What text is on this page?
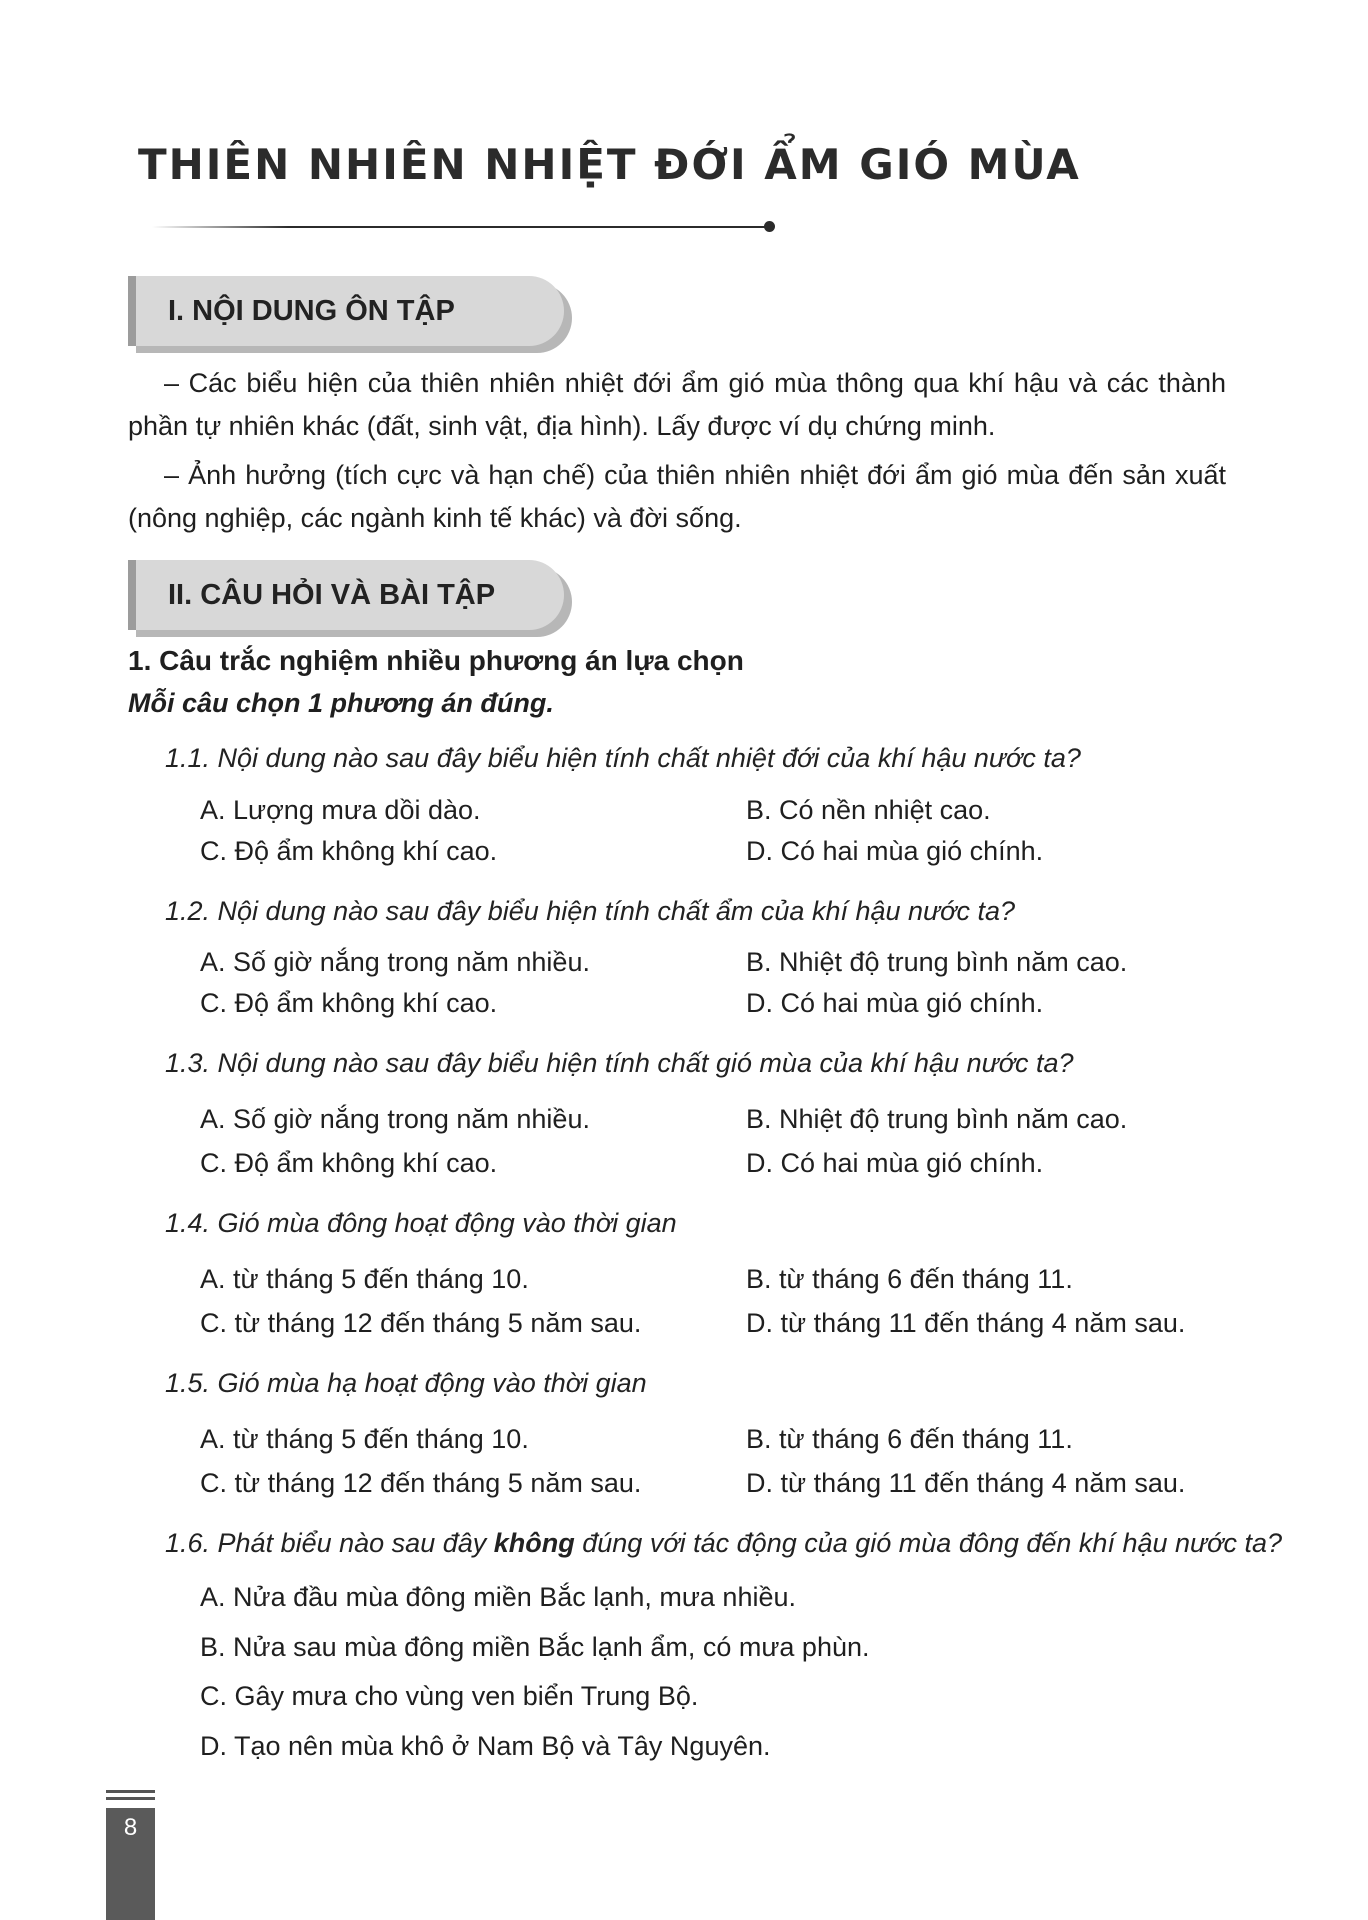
THIÊN NHIÊN NHIỆT ĐỚI ẨM GIÓ MÙA
I. NỘI DUNG ÔN TẬP

– Các biểu hiện của thiên nhiên nhiệt đới ẩm gió mùa thông qua khí hậu và các thành phần tự nhiên khác (đất, sinh vật, địa hình). Lấy được ví dụ chứng minh.

– Ảnh hưởng (tích cực và hạn chế) của thiên nhiên nhiệt đới ẩm gió mùa đến sản xuất (nông nghiệp, các ngành kinh tế khác) và đời sống.

II. CÂU HỎI VÀ BÀI TẬP

1. Câu trắc nghiệm nhiều phương án lựa chọn

Mỗi câu chọn 1 phương án đúng.

1.1. Nội dung nào sau đây biểu hiện tính chất nhiệt đới của khí hậu nước ta?

A. Lượng mưa dồi dào.	B. Có nền nhiệt cao.

C. Độ ẩm không khí cao.	D. Có hai mùa gió chính.

1.2. Nội dung nào sau đây biểu hiện tính chất ẩm của khí hậu nước ta?

A. Số giờ nắng trong năm nhiều.	B. Nhiệt độ trung bình năm cao.

C. Độ ẩm không khí cao.	D. Có hai mùa gió chính.

1.3. Nội dung nào sau đây biểu hiện tính chất gió mùa của khí hậu nước ta?

A. Số giờ nắng trong năm nhiều.	B. Nhiệt độ trung bình năm cao.

C. Độ ẩm không khí cao.	D. Có hai mùa gió chính.

1.4. Gió mùa đông hoạt động vào thời gian

A. từ tháng 5 đến tháng 10.	B. từ tháng 6 đến tháng 11.

C. từ tháng 12 đến tháng 5 năm sau.	D. từ tháng 11 đến tháng 4 năm sau.

1.5. Gió mùa hạ hoạt động vào thời gian

A. từ tháng 5 đến tháng 10.	B. từ tháng 6 đến tháng 11.

C. từ tháng 12 đến tháng 5 năm sau.	D. từ tháng 11 đến tháng 4 năm sau.

1.6. Phát biểu nào sau đây không đúng với tác động của gió mùa đông đến khí hậu nước ta?

A. Nửa đầu mùa đông miền Bắc lạnh, mưa nhiều.

B. Nửa sau mùa đông miền Bắc lạnh ẩm, có mưa phùn.

C. Gây mưa cho vùng ven biển Trung Bộ.

D. Tạo nên mùa khô ở Nam Bộ và Tây Nguyên.

8
